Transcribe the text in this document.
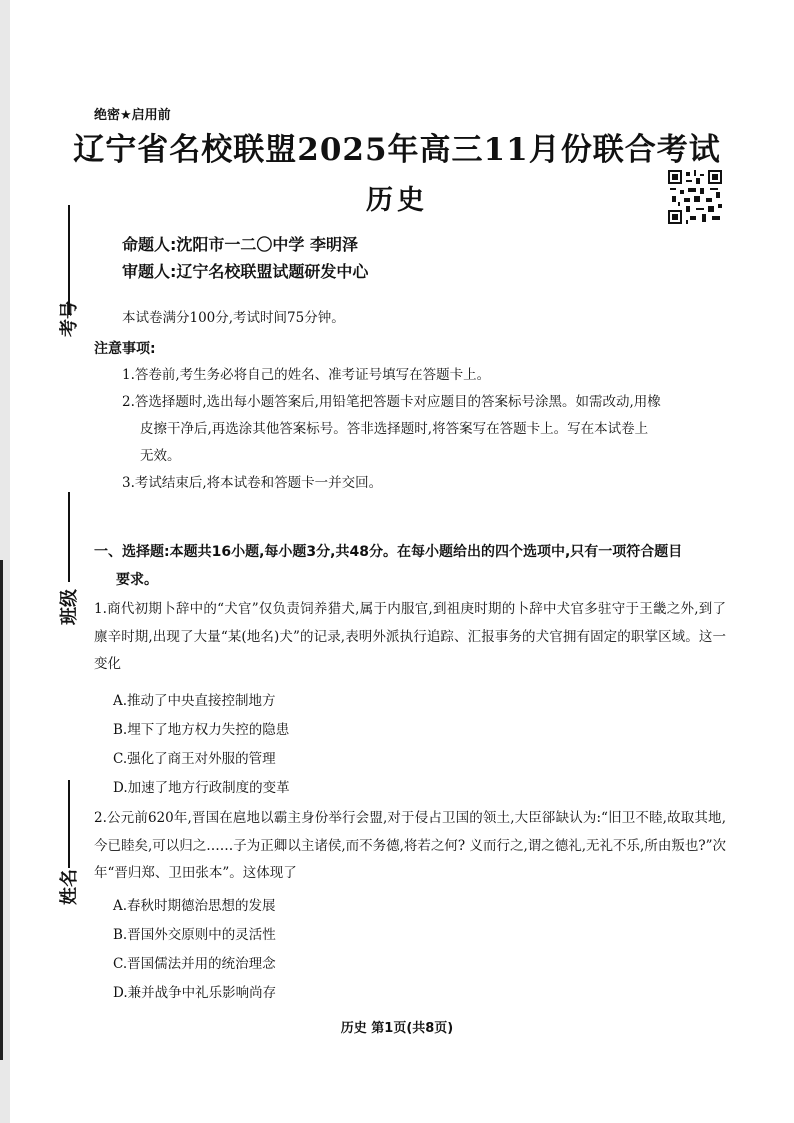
考号
班级
姓名
绝密★启用前
辽宁省名校联盟2025年高三11月份联合考试
历史
命题人:沈阳市一二〇中学 李明泽
审题人:辽宁名校联盟试题研发中心
本试卷满分100分,考试时间75分钟。
注意事项:
1.答卷前,考生务必将自己的姓名、准考证号填写在答题卡上。
2.答选择题时,选出每小题答案后,用铅笔把答题卡对应题目的答案标号涂黑。如需改动,用橡
皮擦干净后,再选涂其他答案标号。答非选择题时,将答案写在答题卡上。写在本试卷上
无效。
3.考试结束后,将本试卷和答题卡一并交回。
一、选择题:本题共16小题,每小题3分,共48分。在每小题给出的四个选项中,只有一项符合题目
要求。
1.商代初期卜辞中的“犬官”仅负责饲养猎犬,属于内服官,到祖庚时期的卜辞中犬官多驻守于王畿之外,到了廪辛时期,出现了大量“某(地名)犬”的记录,表明外派执行追踪、汇报事务的犬官拥有固定的职掌区域。这一变化
A.推动了中央直接控制地方
B.埋下了地方权力失控的隐患
C.强化了商王对外服的管理
D.加速了地方行政制度的变革
2.公元前620年,晋国在扈地以霸主身份举行会盟,对于侵占卫国的领土,大臣郤缺认为:“旧卫不睦,故取其地,今已睦矣,可以归之……子为正卿以主诸侯,而不务德,将若之何? 义而行之,谓之德礼,无礼不乐,所由叛也?”次年“晋归郑、卫田张本”。这体现了
A.春秋时期德治思想的发展
B.晋国外交原则中的灵活性
C.晋国儒法并用的统治理念
D.兼并战争中礼乐影响尚存
历史 第1页(共8页)
